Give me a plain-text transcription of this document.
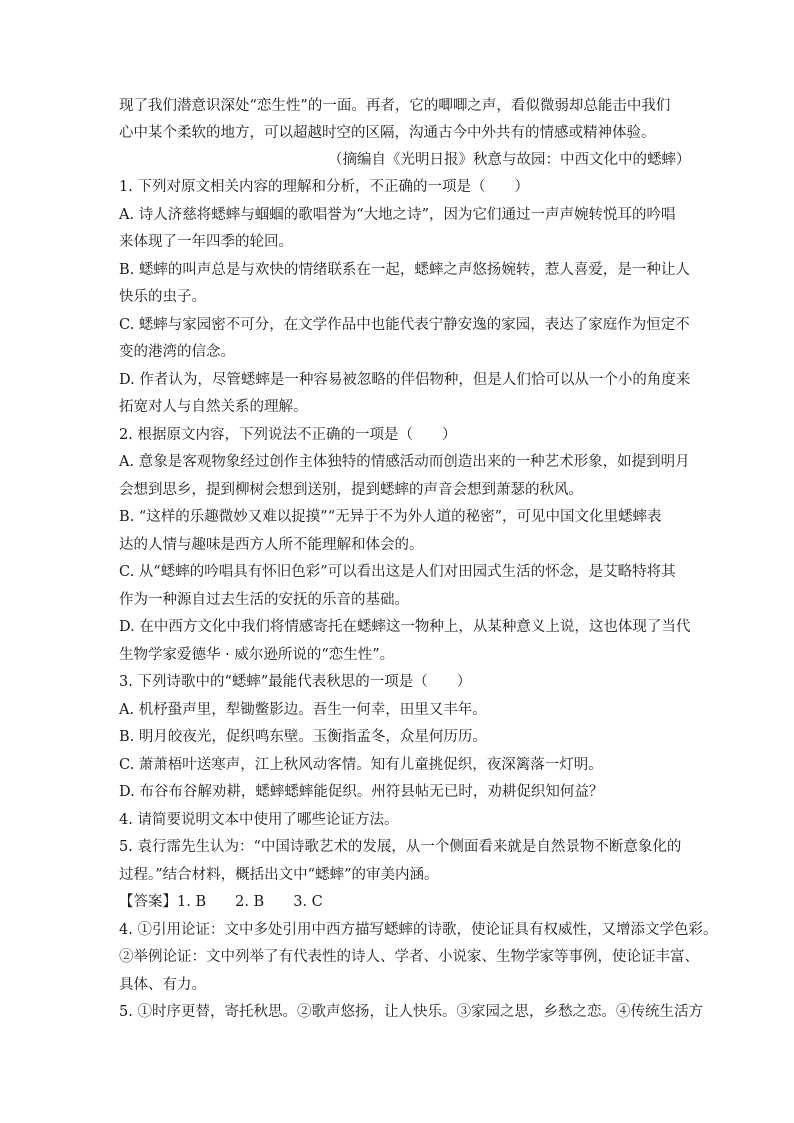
现了我们潜意识深处“恋生性”的一面。再者，它的唧唧之声，看似微弱却总能击中我们
心中某个柔软的地方，可以超越时空的区隔，沟通古今中外共有的情感或精神体验。
（摘编自《光明日报》秋意与故园：中西文化中的蟋蟀）
1. 下列对原文相关内容的理解和分析，不正确的一项是（　　）
A. 诗人济慈将蟋蟀与蝈蝈的歌唱誉为“大地之诗”，因为它们通过一声声婉转悦耳的吟唱
来体现了一年四季的轮回。
B. 蟋蟀的叫声总是与欢快的情绪联系在一起，蟋蟀之声悠扬婉转，惹人喜爱，是一种让人
快乐的虫子。
C. 蟋蟀与家园密不可分，在文学作品中也能代表宁静安逸的家园，表达了家庭作为恒定不
变的港湾的信念。
D. 作者认为，尽管蟋蟀是一种容易被忽略的伴侣物种，但是人们恰可以从一个小的角度来
拓宽对人与自然关系的理解。
2. 根据原文内容，下列说法不正确的一项是（　　）
A. 意象是客观物象经过创作主体独特的情感活动而创造出来的一种艺术形象，如提到明月
会想到思乡，提到柳树会想到送别，提到蟋蟀的声音会想到萧瑟的秋风。
B. “这样的乐趣微妙又难以捉摸”“无异于不为外人道的秘密”，可见中国文化里蟋蟀表
达的人情与趣味是西方人所不能理解和体会的。
C. 从“蟋蟀的吟唱具有怀旧色彩”可以看出这是人们对田园式生活的怀念，是艾略特将其
作为一种源自过去生活的安抚的乐音的基础。
D. 在中西方文化中我们将情感寄托在蟋蟀这一物种上，从某种意义上说，这也体现了当代
生物学家爱德华 · 威尔逊所说的“恋生性”。
3. 下列诗歌中的“蟋蟀”最能代表秋思的一项是（　　）
A. 机杼蛩声里，犁锄鳖影边。吾生一何幸，田里又丰年。
B. 明月皎夜光，促织鸣东壁。玉衡指孟冬，众星何历历。
C. 萧萧梧叶送寒声，江上秋风动客情。知有儿童挑促织，夜深篱落一灯明。
D. 布谷布谷解劝耕，蟋蟀蟋蟀能促织。州符县帖无已时，劝耕促织知何益？
4. 请简要说明文本中使用了哪些论证方法。
5. 袁行霈先生认为：“中国诗歌艺术的发展，从一个侧面看来就是自然景物不断意象化的
过程。”结合材料，概括出文中“蟋蟀”的审美内涵。
【答案】1. B　　2. B　　3. C
4. ①引用论证：文中多处引用中西方描写蟋蟀的诗歌，使论证具有权威性，又增添文学色彩。
②举例论证：文中列举了有代表性的诗人、学者、小说家、生物学家等事例，使论证丰富、
具体、有力。
5. ①时序更替，寄托秋思。②歌声悠扬，让人快乐。③家园之思，乡愁之恋。④传统生活方
